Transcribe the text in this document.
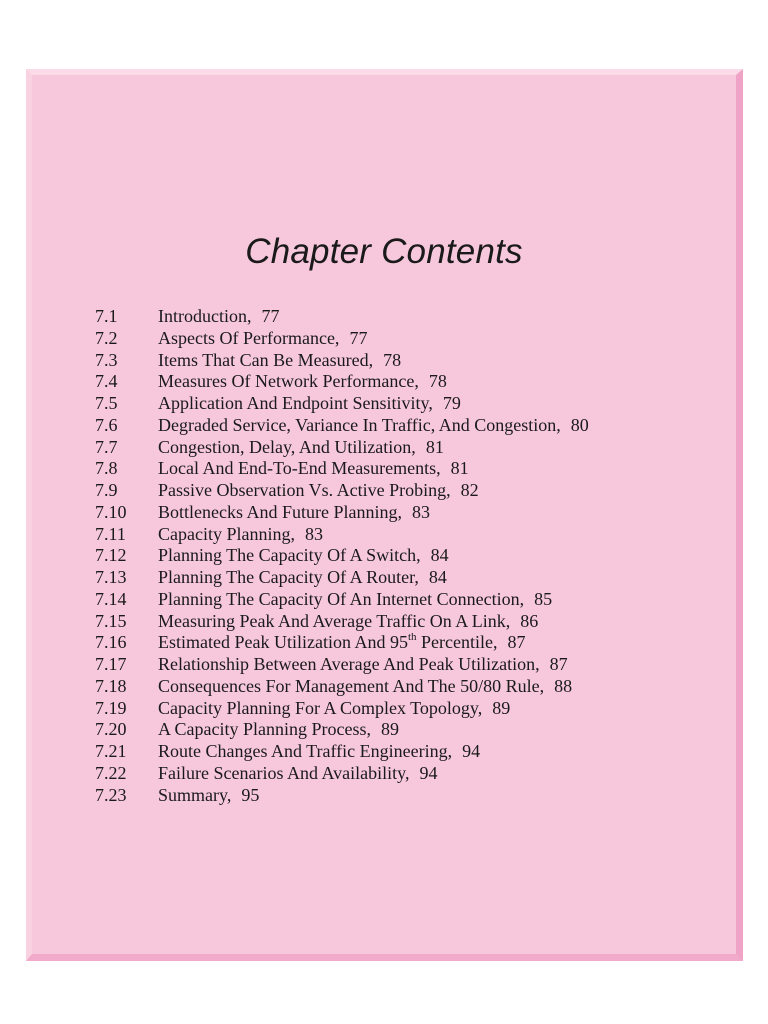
Chapter Contents
7.1	Introduction, 77
7.2	Aspects Of Performance, 77
7.3	Items That Can Be Measured, 78
7.4	Measures Of Network Performance, 78
7.5	Application And Endpoint Sensitivity, 79
7.6	Degraded Service, Variance In Traffic, And Congestion, 80
7.7	Congestion, Delay, And Utilization, 81
7.8	Local And End-To-End Measurements, 81
7.9	Passive Observation Vs. Active Probing, 82
7.10	Bottlenecks And Future Planning, 83
7.11	Capacity Planning, 83
7.12	Planning The Capacity Of A Switch, 84
7.13	Planning The Capacity Of A Router, 84
7.14	Planning The Capacity Of An Internet Connection, 85
7.15	Measuring Peak And Average Traffic On A Link, 86
7.16	Estimated Peak Utilization And 95th Percentile, 87
7.17	Relationship Between Average And Peak Utilization, 87
7.18	Consequences For Management And The 50/80 Rule, 88
7.19	Capacity Planning For A Complex Topology, 89
7.20	A Capacity Planning Process, 89
7.21	Route Changes And Traffic Engineering, 94
7.22	Failure Scenarios And Availability, 94
7.23	Summary, 95
